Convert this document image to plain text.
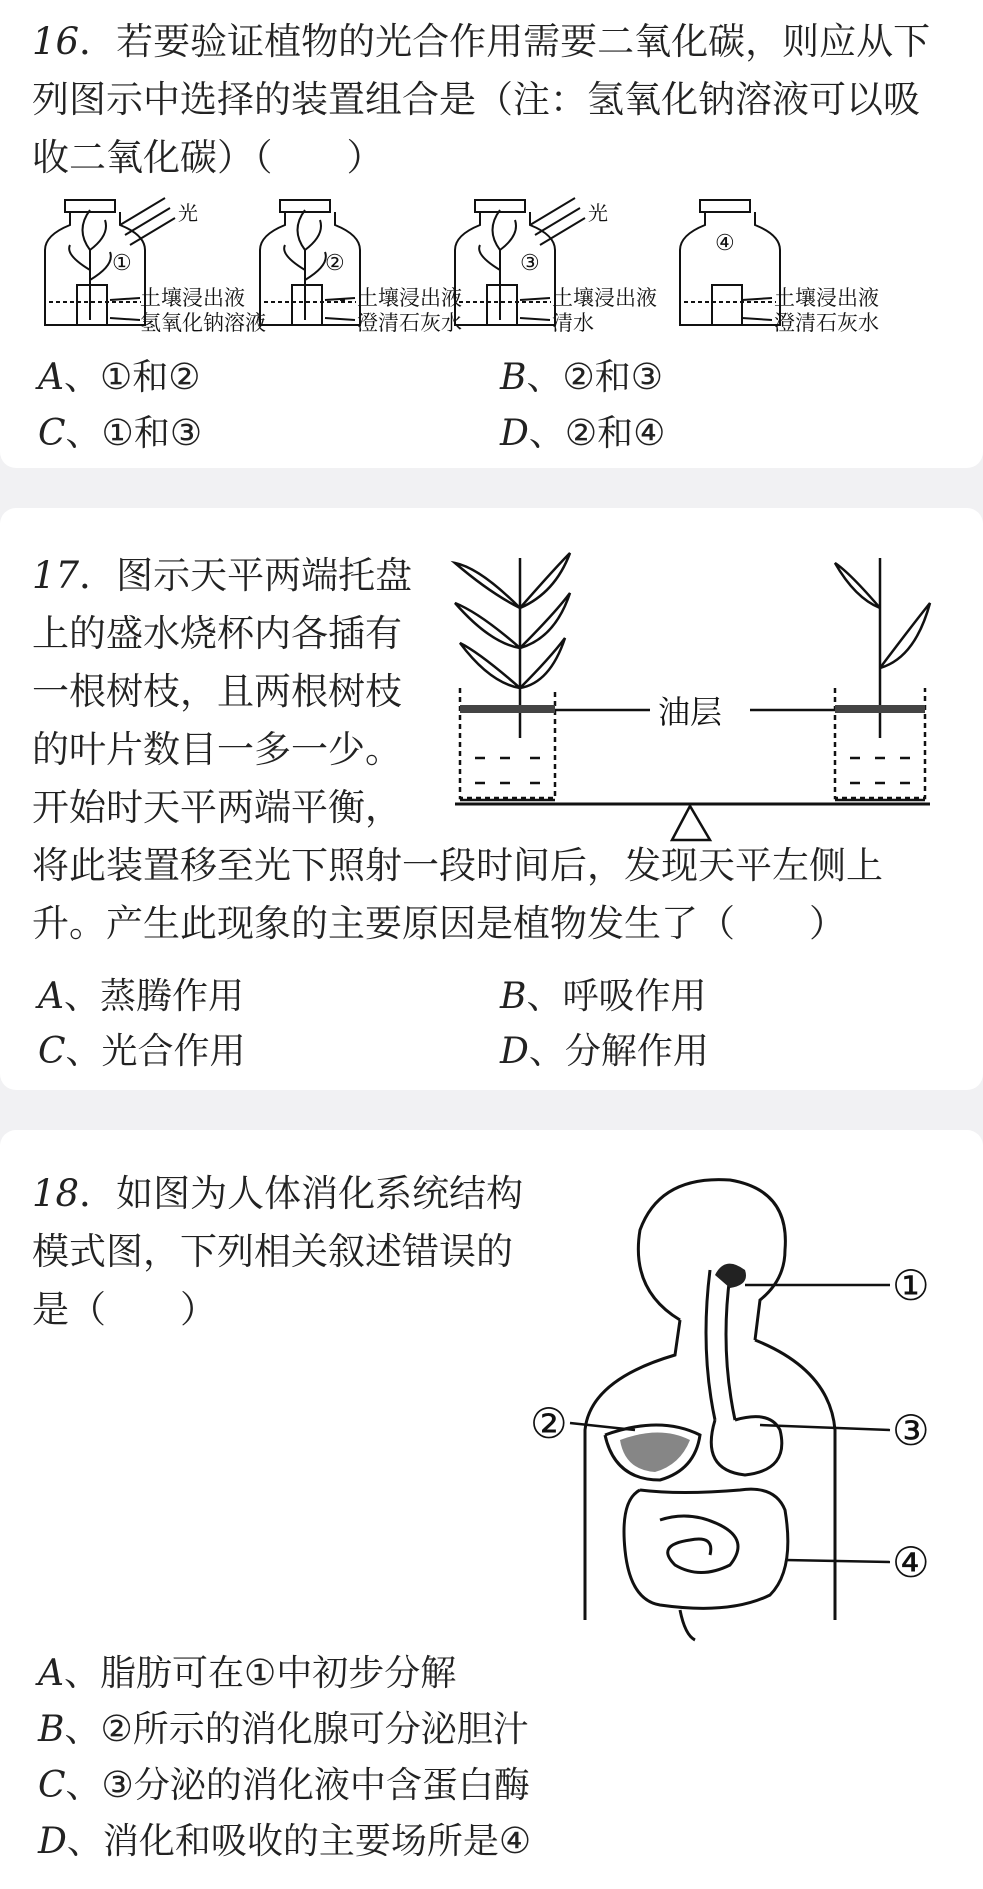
16．若要验证植物的光合作用需要二氧化碳，则应从下
列图示中选择的装置组合是（注：氢氧化钠溶液可以吸
收二氧化碳）（　　）
①
光
土壤浸出液
氢氧化钠溶液
②
土壤浸出液
澄清石灰水
③
光
土壤浸出液
清水
④
土壤浸出液
澄清石灰水
A、①和②	B、②和③
C、①和③	D、②和④
17．图示天平两端托盘
上的盛水烧杯内各插有
一根树枝，且两根树枝
的叶片数目一多一少。
开始时天平两端平衡，
将此装置移至光下照射一段时间后，发现天平左侧上
升。产生此现象的主要原因是植物发生了（　　）
油层
A、蒸腾作用	B、呼吸作用
C、光合作用	D、分解作用
18．如图为人体消化系统结构
模式图，下列相关叙述错误的
是（　　）	①
②	③
④
A、脂肪可在①中初步分解
B、②所示的消化腺可分泌胆汁
C、③分泌的消化液中含蛋白酶
D、消化和吸收的主要场所是④
